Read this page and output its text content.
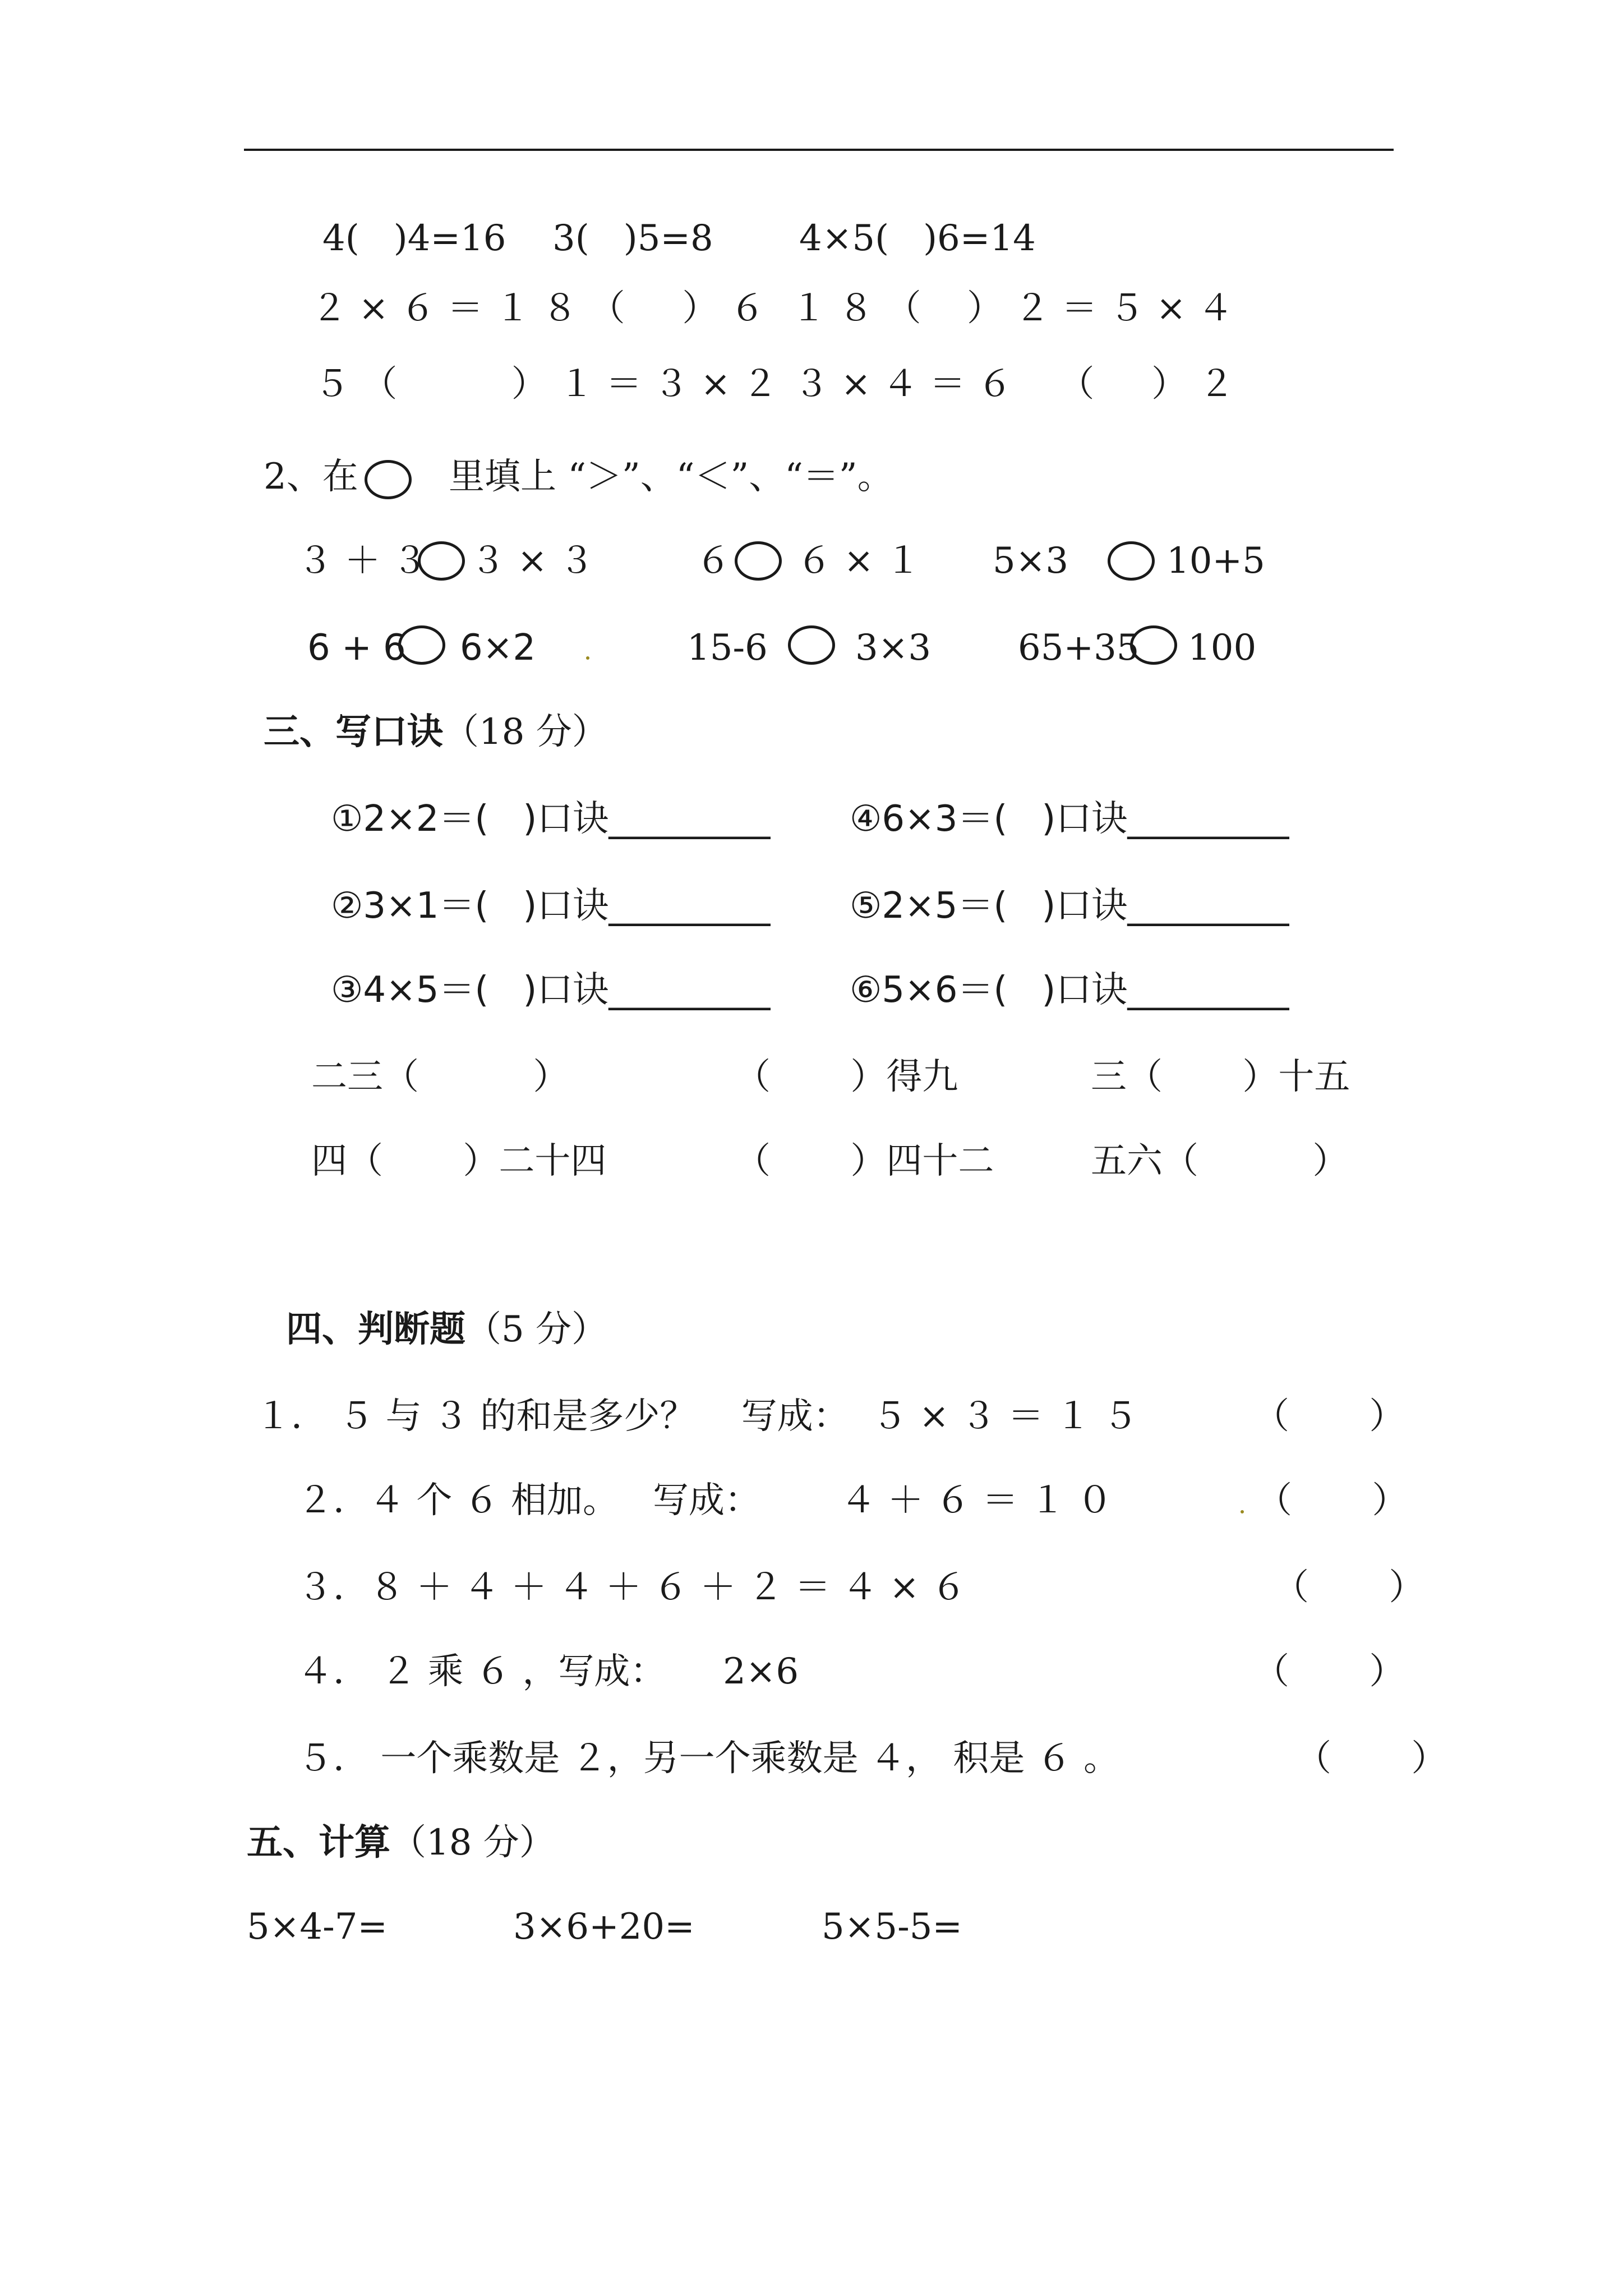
4(   )4=16 3(   )5=8 4×5(   )6=14
２ × ６ ＝ １ ８ （     ） ６ １ ８ （    ） ２ ＝ ５ × ４
５ （          ） １ ＝ ３ × ２ ３ × ４ ＝ ６    （     ） ２
2、在	里填上 “＞”、“＜”、“＝”。
３ ＋ ３ ３ × ３	６ ６ × １ 5×3	10+5
6 + 6 6×2	15-6 3×3 65+35 100
三、写口诀（18 分）
①2×2＝(   )口诀_________ ④6×3＝(   )口诀_________
②3×1＝(   )口诀_________ ⑤2×5＝(   )口诀_________
③4×5＝(   )口诀_________ ⑥5×6＝(   )口诀_________
二三（          ）	（       ）得九	三（       ）十五
四（       ）二十四	（       ）四十二	五六（          ）
四、判断题（5 分）
１． ５ 与 ３ 的和是多少？    写成：  ５ × ３ ＝ １ ５	（       ）
２．４ 个 ６ 相加。   写成：       ４ ＋ ６ ＝ １ ０	（       ）
３．８ ＋ ４ ＋ ４ ＋ ６ ＋ ２ ＝ ４ × ６	（       ）
４． ２ 乘 ６ ，写成：     2×6	（       ）
５． 一个乘数是 ２，另一个乘数是 ４， 积是 ６ 。	（       ）
五、计算（18 分）
5×4-7=	3×6+20=	5×5-5=
